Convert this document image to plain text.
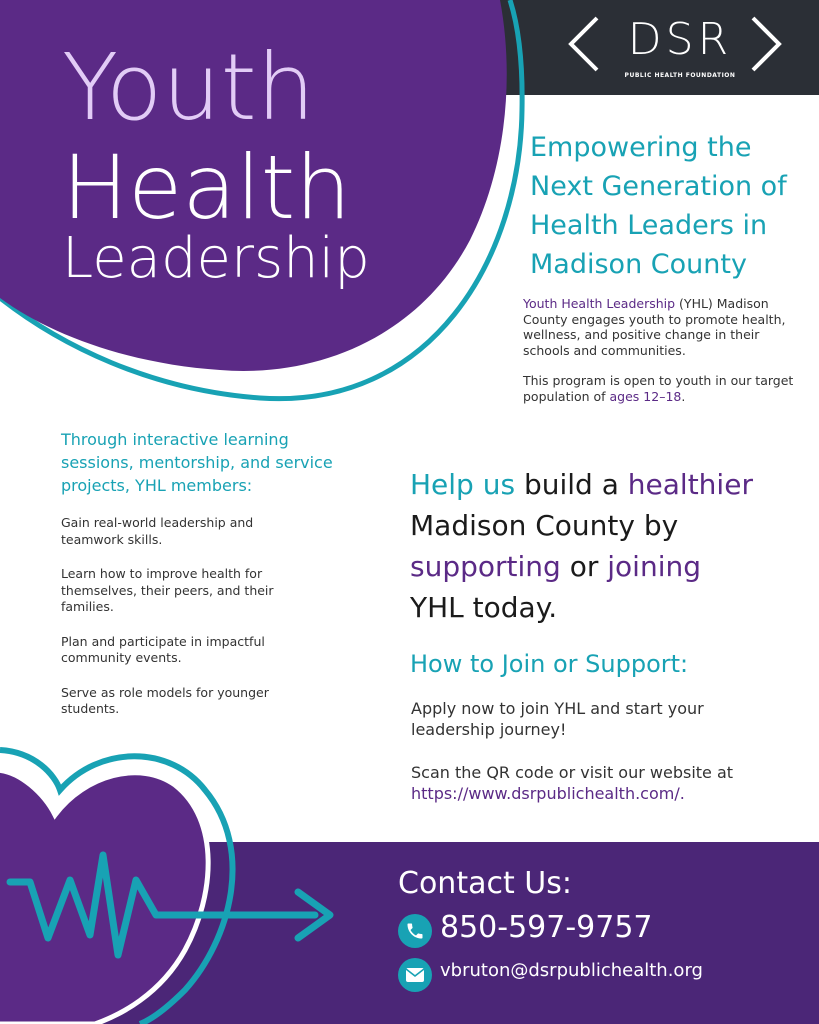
Youth
Health
Leadership
DSR
PUBLIC HEALTH FOUNDATION
Empowering the Next Generation of Health Leaders in Madison County

Youth Health Leadership (YHL) Madison County engages youth to promote health, wellness, and positive change in their schools and communities.

This program is open to youth in our target population of ages 12–18.

Through interactive learning sessions, mentorship, and service projects, YHL members:
Gain real-world leadership and teamwork skills.
Learn how to improve health for themselves, their peers, and their families.
Plan and participate in impactful community events.
Serve as role models for younger students.
Help us build a healthier
Madison County by
supporting or joining
YHL today.
How to Join or Support:
Apply now to join YHL and start your leadership journey!
Scan the QR code or visit our website at https://www.dsrpublichealth.com/.
Contact Us:
850-597-9757
vbruton@dsrpublichealth.org
